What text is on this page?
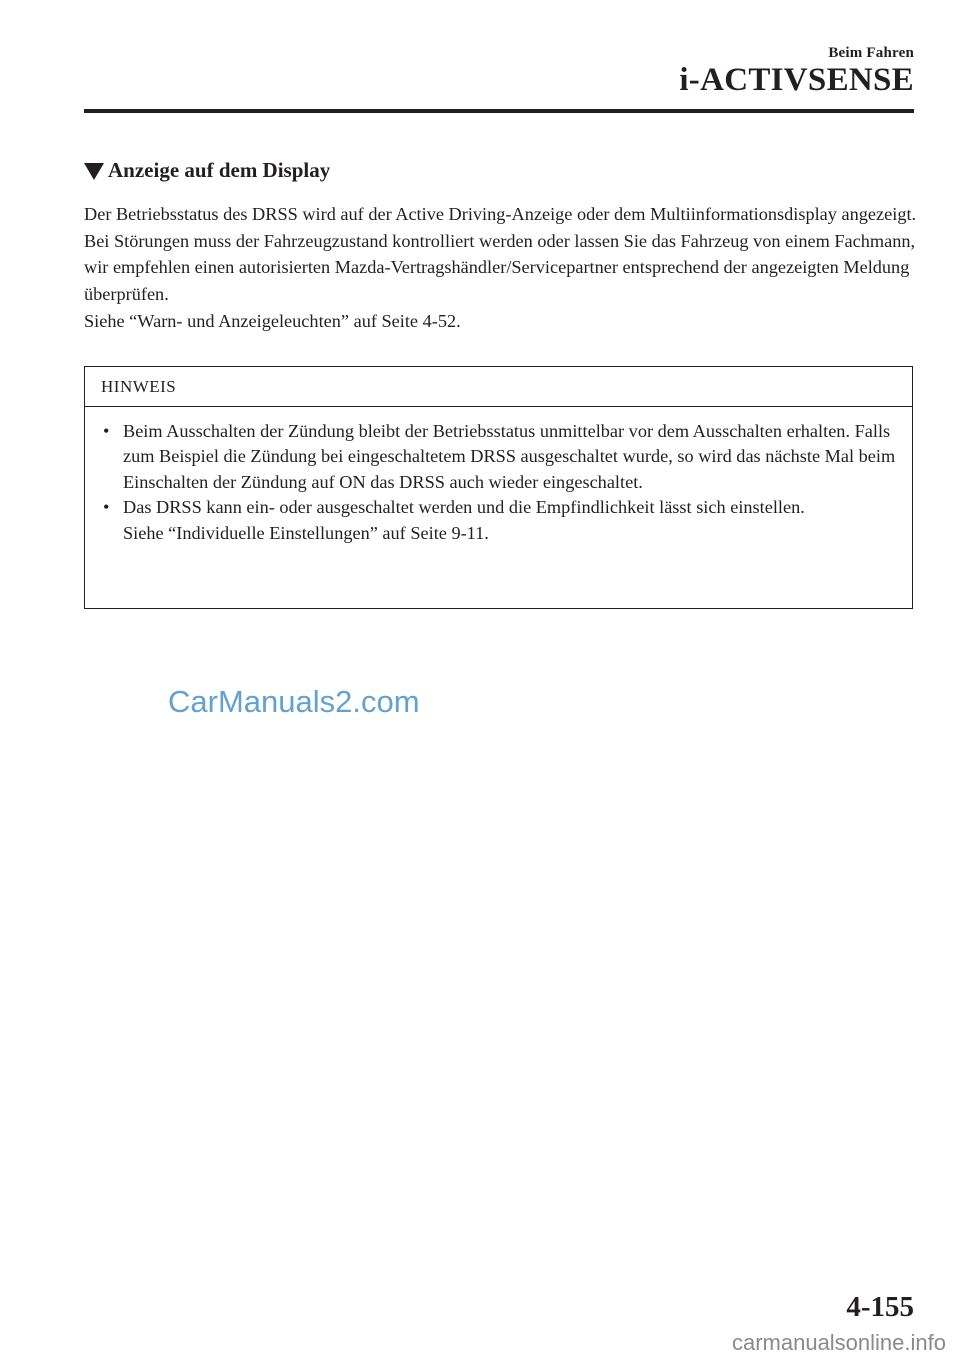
Beim Fahren
i-ACTIVSENSE
Anzeige auf dem Display

Der Betriebsstatus des DRSS wird auf der Active Driving-Anzeige oder dem Multiinformationsdisplay angezeigt. Bei Störungen muss der Fahrzeugzustand kontrolliert werden oder lassen Sie das Fahrzeug von einem Fachmann, wir empfehlen einen autorisierten Mazda-Vertragshändler/Servicepartner entsprechend der angezeigten Meldung überprüfen.

Siehe “Warn- und Anzeigeleuchten” auf Seite 4-52.

HINWEIS
• Beim Ausschalten der Zündung bleibt der Betriebsstatus unmittelbar vor dem Ausschalten erhalten. Falls zum Beispiel die Zündung bei eingeschaltetem DRSS ausgeschaltet wurde, so wird das nächste Mal beim Einschalten der Zündung auf ON das DRSS auch wieder eingeschaltet.

• Das DRSS kann ein- oder ausgeschaltet werden und die Empfindlichkeit lässt sich einstellen.

Siehe “Individuelle Einstellungen” auf Seite 9-11.

CarManuals2.com
4-155
carmanualsonline.info
